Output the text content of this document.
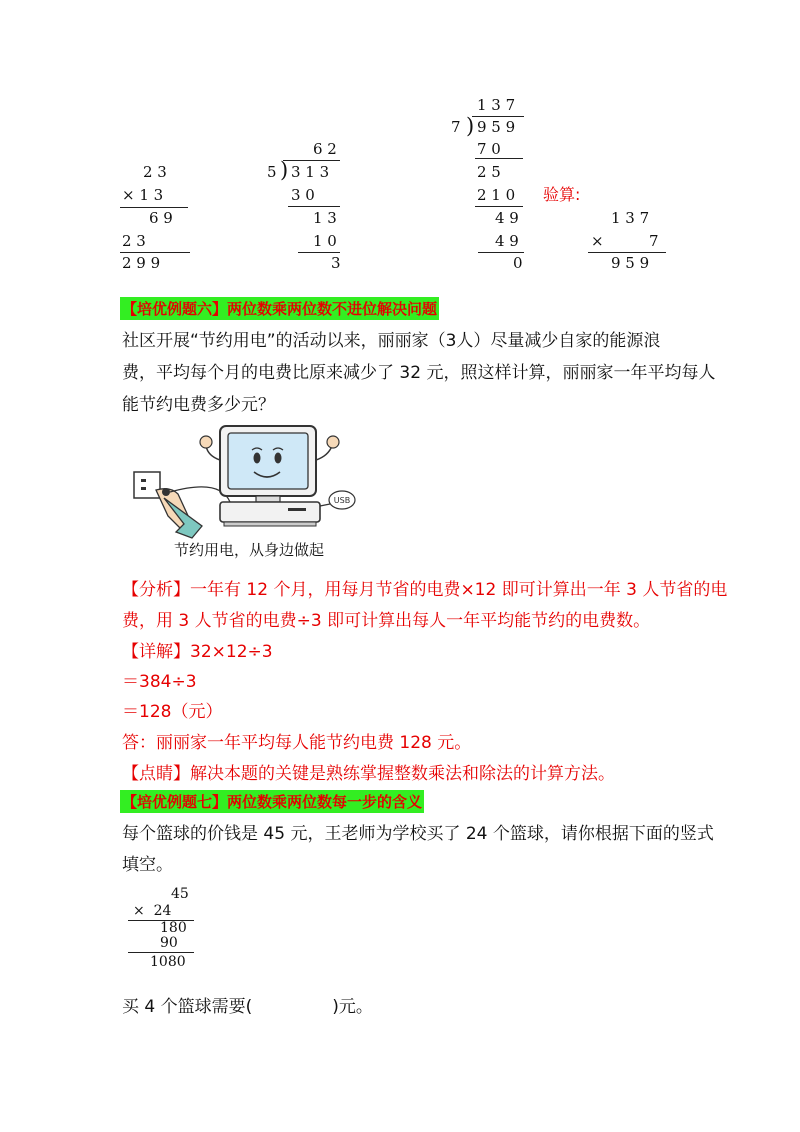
2 3
× 1 3
6 9
2 3
2 9 9
6 2
5 ) 3 1 3
3 0
1 3
1 0
3
1 3 7
7 ) 9 5 9
7 0
2 5
2 1 0
4 9
4 9
0
验算:
1 3 7
×	7
9 5 9
【培优例题六】两位数乘两位数不进位解决问题
社区开展“节约用电”的活动以来，丽丽家（3人）尽量减少自家的能源浪
费，平均每个月的电费比原来减少了 32 元，照这样计算，丽丽家一年平均每人
能节约电费多少元？
USB
节约用电，从身边做起
【分析】一年有 12 个月，用每月节省的电费×12 即可计算出一年 3 人节省的电
费，用 3 人节省的电费÷3 即可计算出每人一年平均能节约的电费数。
【详解】32×12÷3
＝384÷3
＝128（元）
答：丽丽家一年平均每人能节约电费 128 元。
【点睛】解决本题的关键是熟练掌握整数乘法和除法的计算方法。
【培优例题七】两位数乘两位数每一步的含义
每个篮球的价钱是 45 元，王老师为学校买了 24 个篮球，请你根据下面的竖式
填空。
45
×  24
180
90
1080
买 4 个篮球需要(	)元。
